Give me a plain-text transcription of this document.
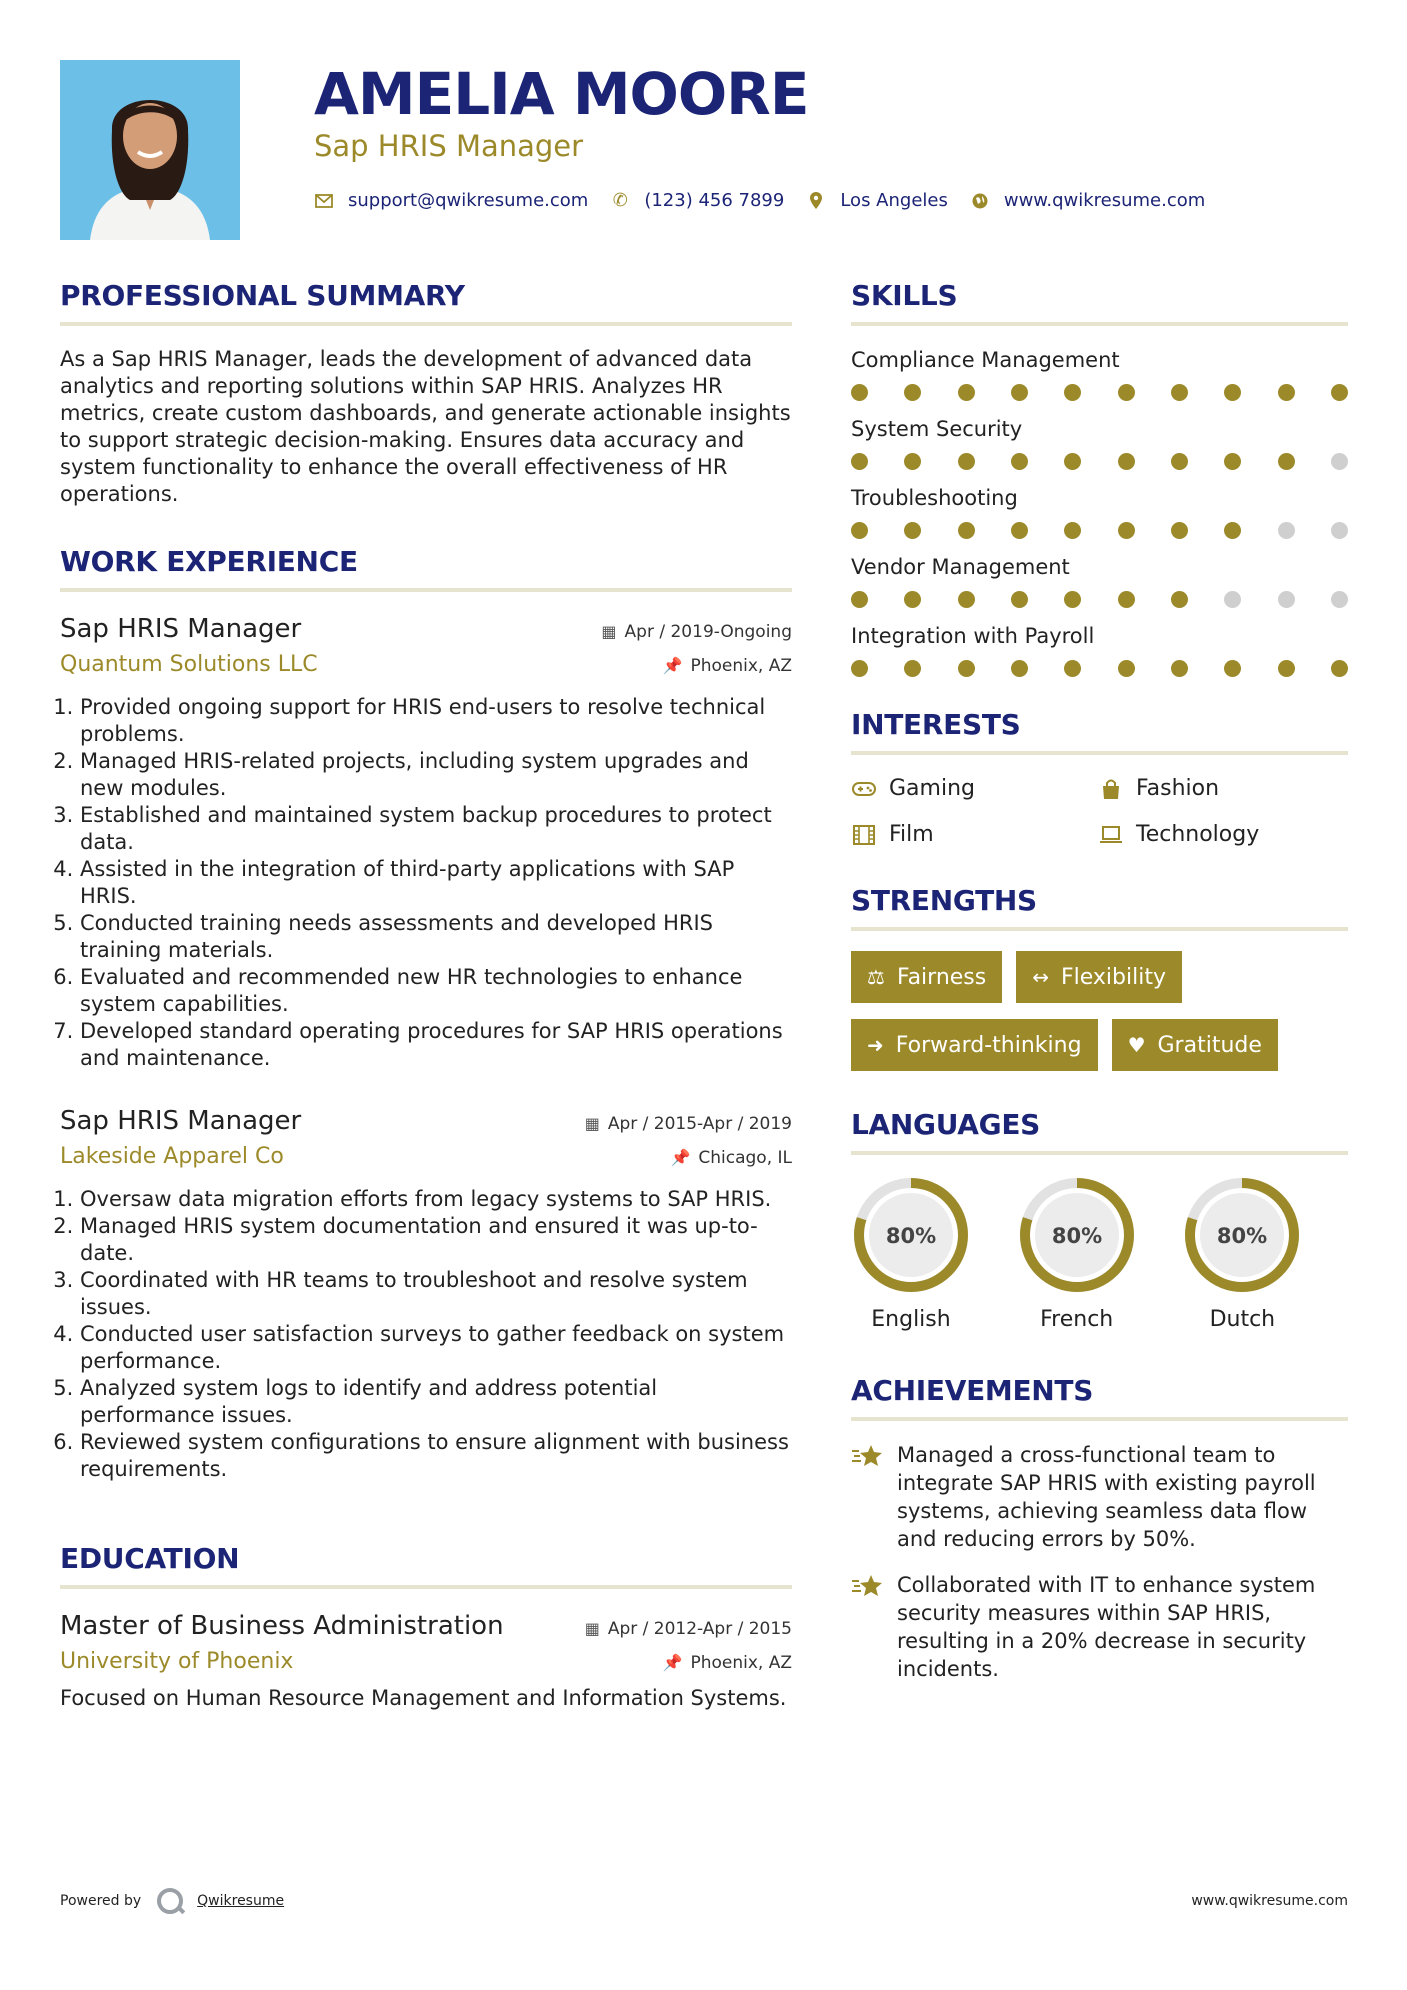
AMELIA MOORE
Sap HRIS Manager
support@qwikresume.com ✆ (123) 456 7899	Los Angeles	www.qwikresume.com
PROFESSIONAL SUMMARY

As a Sap HRIS Manager, leads the development of advanced data analytics and reporting solutions within SAP HRIS. Analyzes HR metrics, create custom dashboards, and generate actionable insights to support strategic decision-making. Ensures data accuracy and system functionality to enhance the overall effectiveness of HR operations.

WORK EXPERIENCE
Sap HRIS Manager	▦ Apr / 2019-Ongoing
Quantum Solutions LLC	📌 Phoenix, AZ
1. Provided ongoing support for HRIS end-users to resolve technical problems.
2. Managed HRIS-related projects, including system upgrades and new modules.
3. Established and maintained system backup procedures to protect data.
4. Assisted in the integration of third-party applications with SAP HRIS.
5. Conducted training needs assessments and developed HRIS training materials.
6. Evaluated and recommended new HR technologies to enhance system capabilities.
7. Developed standard operating procedures for SAP HRIS operations and maintenance.
Sap HRIS Manager	▦ Apr / 2015-Apr / 2019
Lakeside Apparel Co	📌 Chicago, IL
1. Oversaw data migration efforts from legacy systems to SAP HRIS.
2. Managed HRIS system documentation and ensured it was up-to-date.
3. Coordinated with HR teams to troubleshoot and resolve system issues.
4. Conducted user satisfaction surveys to gather feedback on system performance.
5. Analyzed system logs to identify and address potential performance issues.
6. Reviewed system configurations to ensure alignment with business requirements.
EDUCATION
Master of Business Administration	▦ Apr / 2012-Apr / 2015
University of Phoenix	📌 Phoenix, AZ

Focused on Human Resource Management and Information Systems.

SKILLS
Compliance Management
System Security
Troubleshooting
Vendor Management
Integration with Payroll
INTERESTS
Gaming	Fashion
Film	Technology
STRENGTHS
⚖ Fairness ↔ Flexibility
➜ Forward-thinking ♥ Gratitude
LANGUAGES
80%
English
80%
French
80%
Dutch
ACHIEVEMENTS
Managed a cross-functional team to integrate SAP HRIS with existing payroll systems, achieving seamless data flow and reducing errors by 50%.
Collaborated with IT to enhance system security measures within SAP HRIS, resulting in a 20% decrease in security incidents.
Powered by	Qwikresume	www.qwikresume.com
